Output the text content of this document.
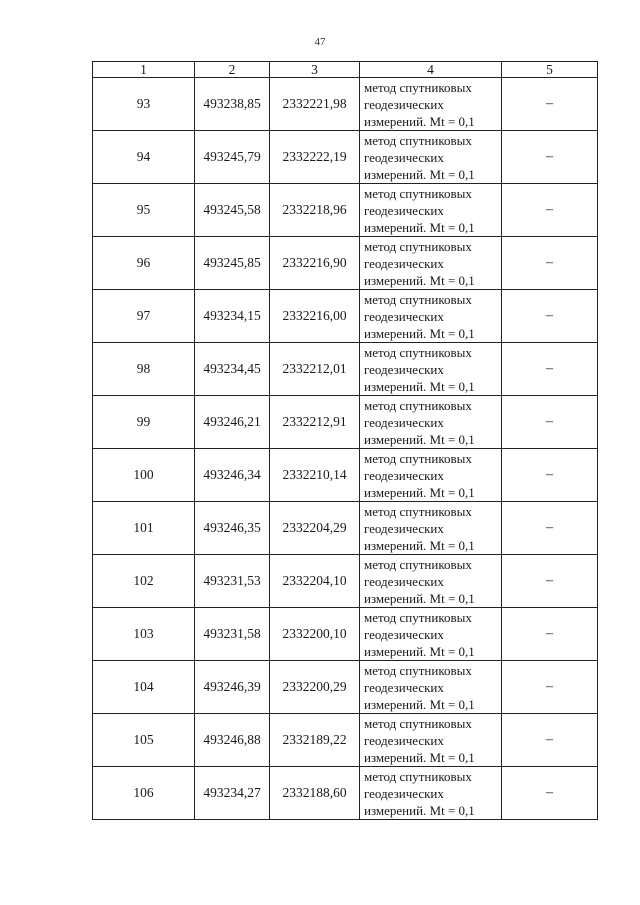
47
1	2	3	4	5
93	493238,85	2332221,98	метод спутниковых
геодезических
измерений. Mt = 0,1	–
94	493245,79	2332222,19	метод спутниковых
геодезических
измерений. Mt = 0,1	–
95	493245,58	2332218,96	метод спутниковых
геодезических
измерений. Mt = 0,1	–
96	493245,85	2332216,90	метод спутниковых
геодезических
измерений. Mt = 0,1	–
97	493234,15	2332216,00	метод спутниковых
геодезических
измерений. Mt = 0,1	–
98	493234,45	2332212,01	метод спутниковых
геодезических
измерений. Mt = 0,1	–
99	493246,21	2332212,91	метод спутниковых
геодезических
измерений. Mt = 0,1	–
100	493246,34	2332210,14	метод спутниковых
геодезических
измерений. Mt = 0,1	–
101	493246,35	2332204,29	метод спутниковых
геодезических
измерений. Mt = 0,1	–
102	493231,53	2332204,10	метод спутниковых
геодезических
измерений. Mt = 0,1	–
103	493231,58	2332200,10	метод спутниковых
геодезических
измерений. Mt = 0,1	–
104	493246,39	2332200,29	метод спутниковых
геодезических
измерений. Mt = 0,1	–
105	493246,88	2332189,22	метод спутниковых
геодезических
измерений. Mt = 0,1	–
106	493234,27	2332188,60	метод спутниковых
геодезических
измерений. Mt = 0,1	–
